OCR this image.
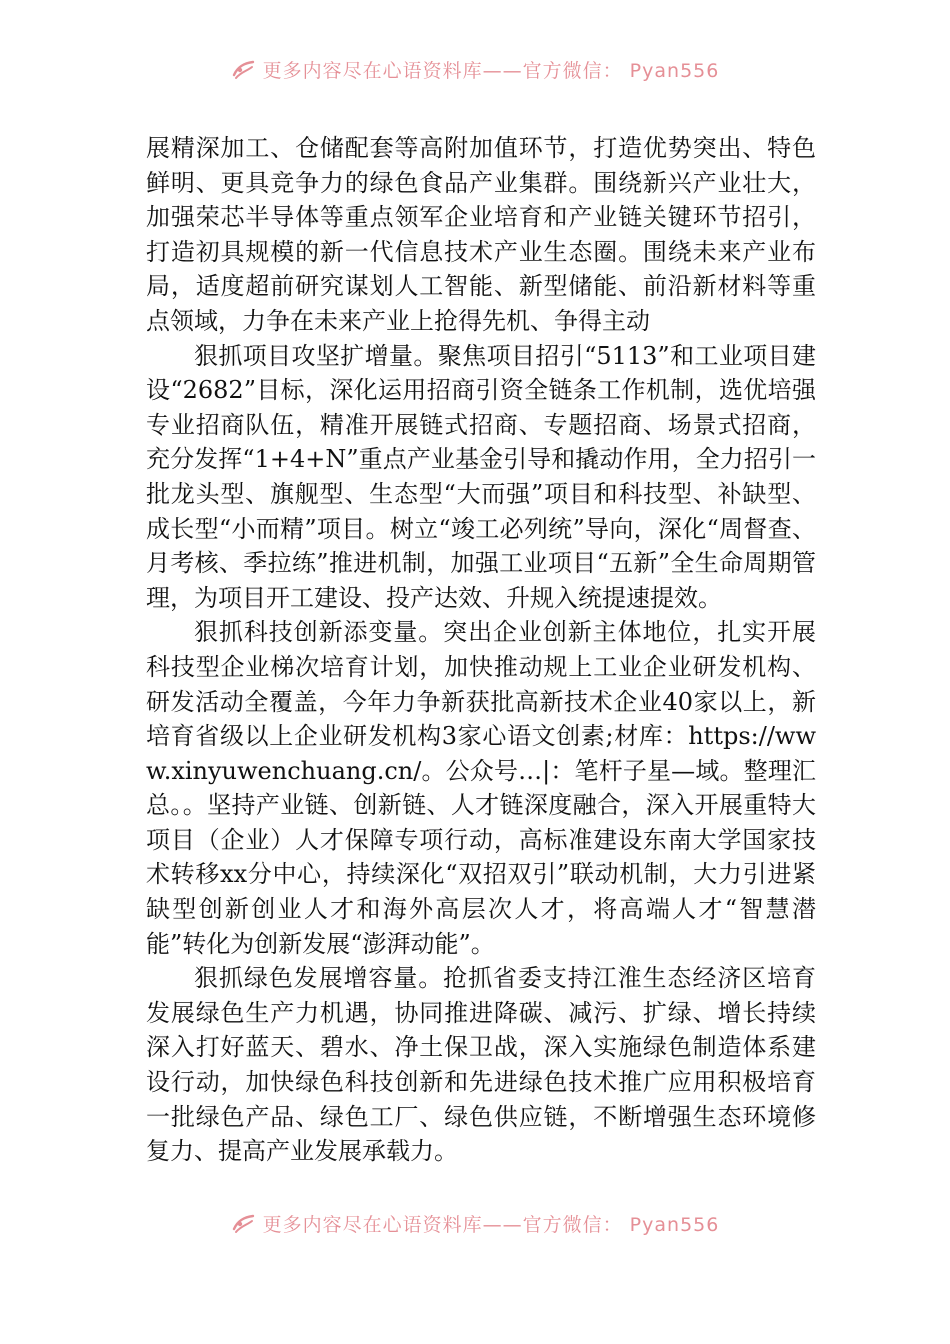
更多内容尽在心语资料库——官方微信： Pyan556

展精深加工、仓储配套等高附加值环节，打造优势突出、特色鲜明、更具竞争力的绿色食品产业集群。围绕新兴产业壮大，加强荣芯半导体等重点领军企业培育和产业链关键环节招引，打造初具规模的新一代信息技术产业生态圈。围绕未来产业布局，适度超前研究谋划人工智能、新型储能、前沿新材料等重点领域，力争在未来产业上抢得先机、争得主动

狠抓项目攻坚扩增量。聚焦项目招引“5113”和工业项目建设“2682”目标，深化运用招商引资全链条工作机制，选优培强专业招商队伍，精准开展链式招商、专题招商、场景式招商，充分发挥“1+4+N”重点产业基金引导和撬动作用，全力招引一批龙头型、旗舰型、生态型“大而强”项目和科技型、补缺型、成长型“小而精”项目。树立“竣工必列统”导向，深化“周督查、月考核、季拉练”推进机制，加强工业项目“五新”全生命周期管理，为项目开工建设、投产达效、升规入统提速提效。

狠抓科技创新添变量。突出企业创新主体地位，扎实开展科技型企业梯次培育计划，加快推动规上工业企业研发机构、研发活动全覆盖，今年力争新获批高新技术企业40家以上，新培育省级以上企业研发机构3家心语文创素;材库：https://www.xinyuwenchuang.cn/。公众号…|：笔杆子星—域。整理汇总。。坚持产业链、创新链、人才链深度融合，深入开展重特大项目（企业）人才保障专项行动，高标准建设东南大学国家技术转移xx分中心，持续深化“双招双引”联动机制，大力引进紧缺型创新创业人才和海外高层次人才，将高端人才“智慧潜能”转化为创新发展“澎湃动能”。

狠抓绿色发展增容量。抢抓省委支持江淮生态经济区培育发展绿色生产力机遇，协同推进降碳、减污、扩绿、增长持续深入打好蓝天、碧水、净土保卫战，深入实施绿色制造体系建设行动，加快绿色科技创新和先进绿色技术推广应用积极培育一批绿色产品、绿色工厂、绿色供应链，不断增强生态环境修复力、提高产业发展承载力。

更多内容尽在心语资料库——官方微信： Pyan556
